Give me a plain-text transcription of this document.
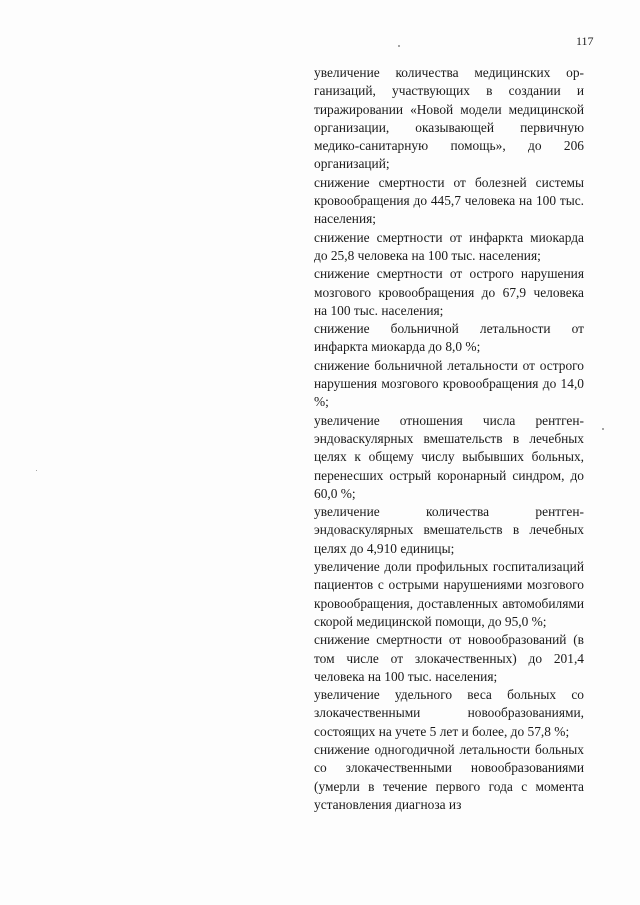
117

увеличение количества медицинских организаций, участвующих в создании и тиражировании «Новой модели медицинской организации, оказывающей первичную медико-санитарную помощь», до 206 организаций;

снижение смертности от болезней системы кровообращения до 445,7 человека на 100 тыс. населения;

снижение смертности от инфаркта миокарда до 25,8 человека на 100 тыс. населения;

снижение смертности от острого нарушения мозгового кровообращения до 67,9 человека на 100 тыс. населения;

снижение больничной летальности от инфаркта миокарда до 8,0 %;

снижение больничной летальности от острого нарушения мозгового кровообращения до 14,0 %;

увеличение отношения числа рентгенэндоваскулярных вмешательств в лечебных целях к общему числу выбывших больных, перенесших острый коронарный синдром, до 60,0 %;

увеличение количества рентгенэндоваскулярных вмешательств в лечебных целях до 4,910 единицы;

увеличение доли профильных госпитализаций пациентов с острыми нарушениями мозгового кровообращения, доставленных автомобилями скорой медицинской помощи, до 95,0 %;

снижение смертности от новообразований (в том числе от злокачественных) до 201,4 человека на 100 тыс. населения;

увеличение удельного веса больных со злокачественными новообразованиями, состоящих на учете 5 лет и более, до 57,8 %;

снижение одногодичной летальности больных со злокачественными новообразованиями (умерли в течение первого года с момента установления диагноза из
